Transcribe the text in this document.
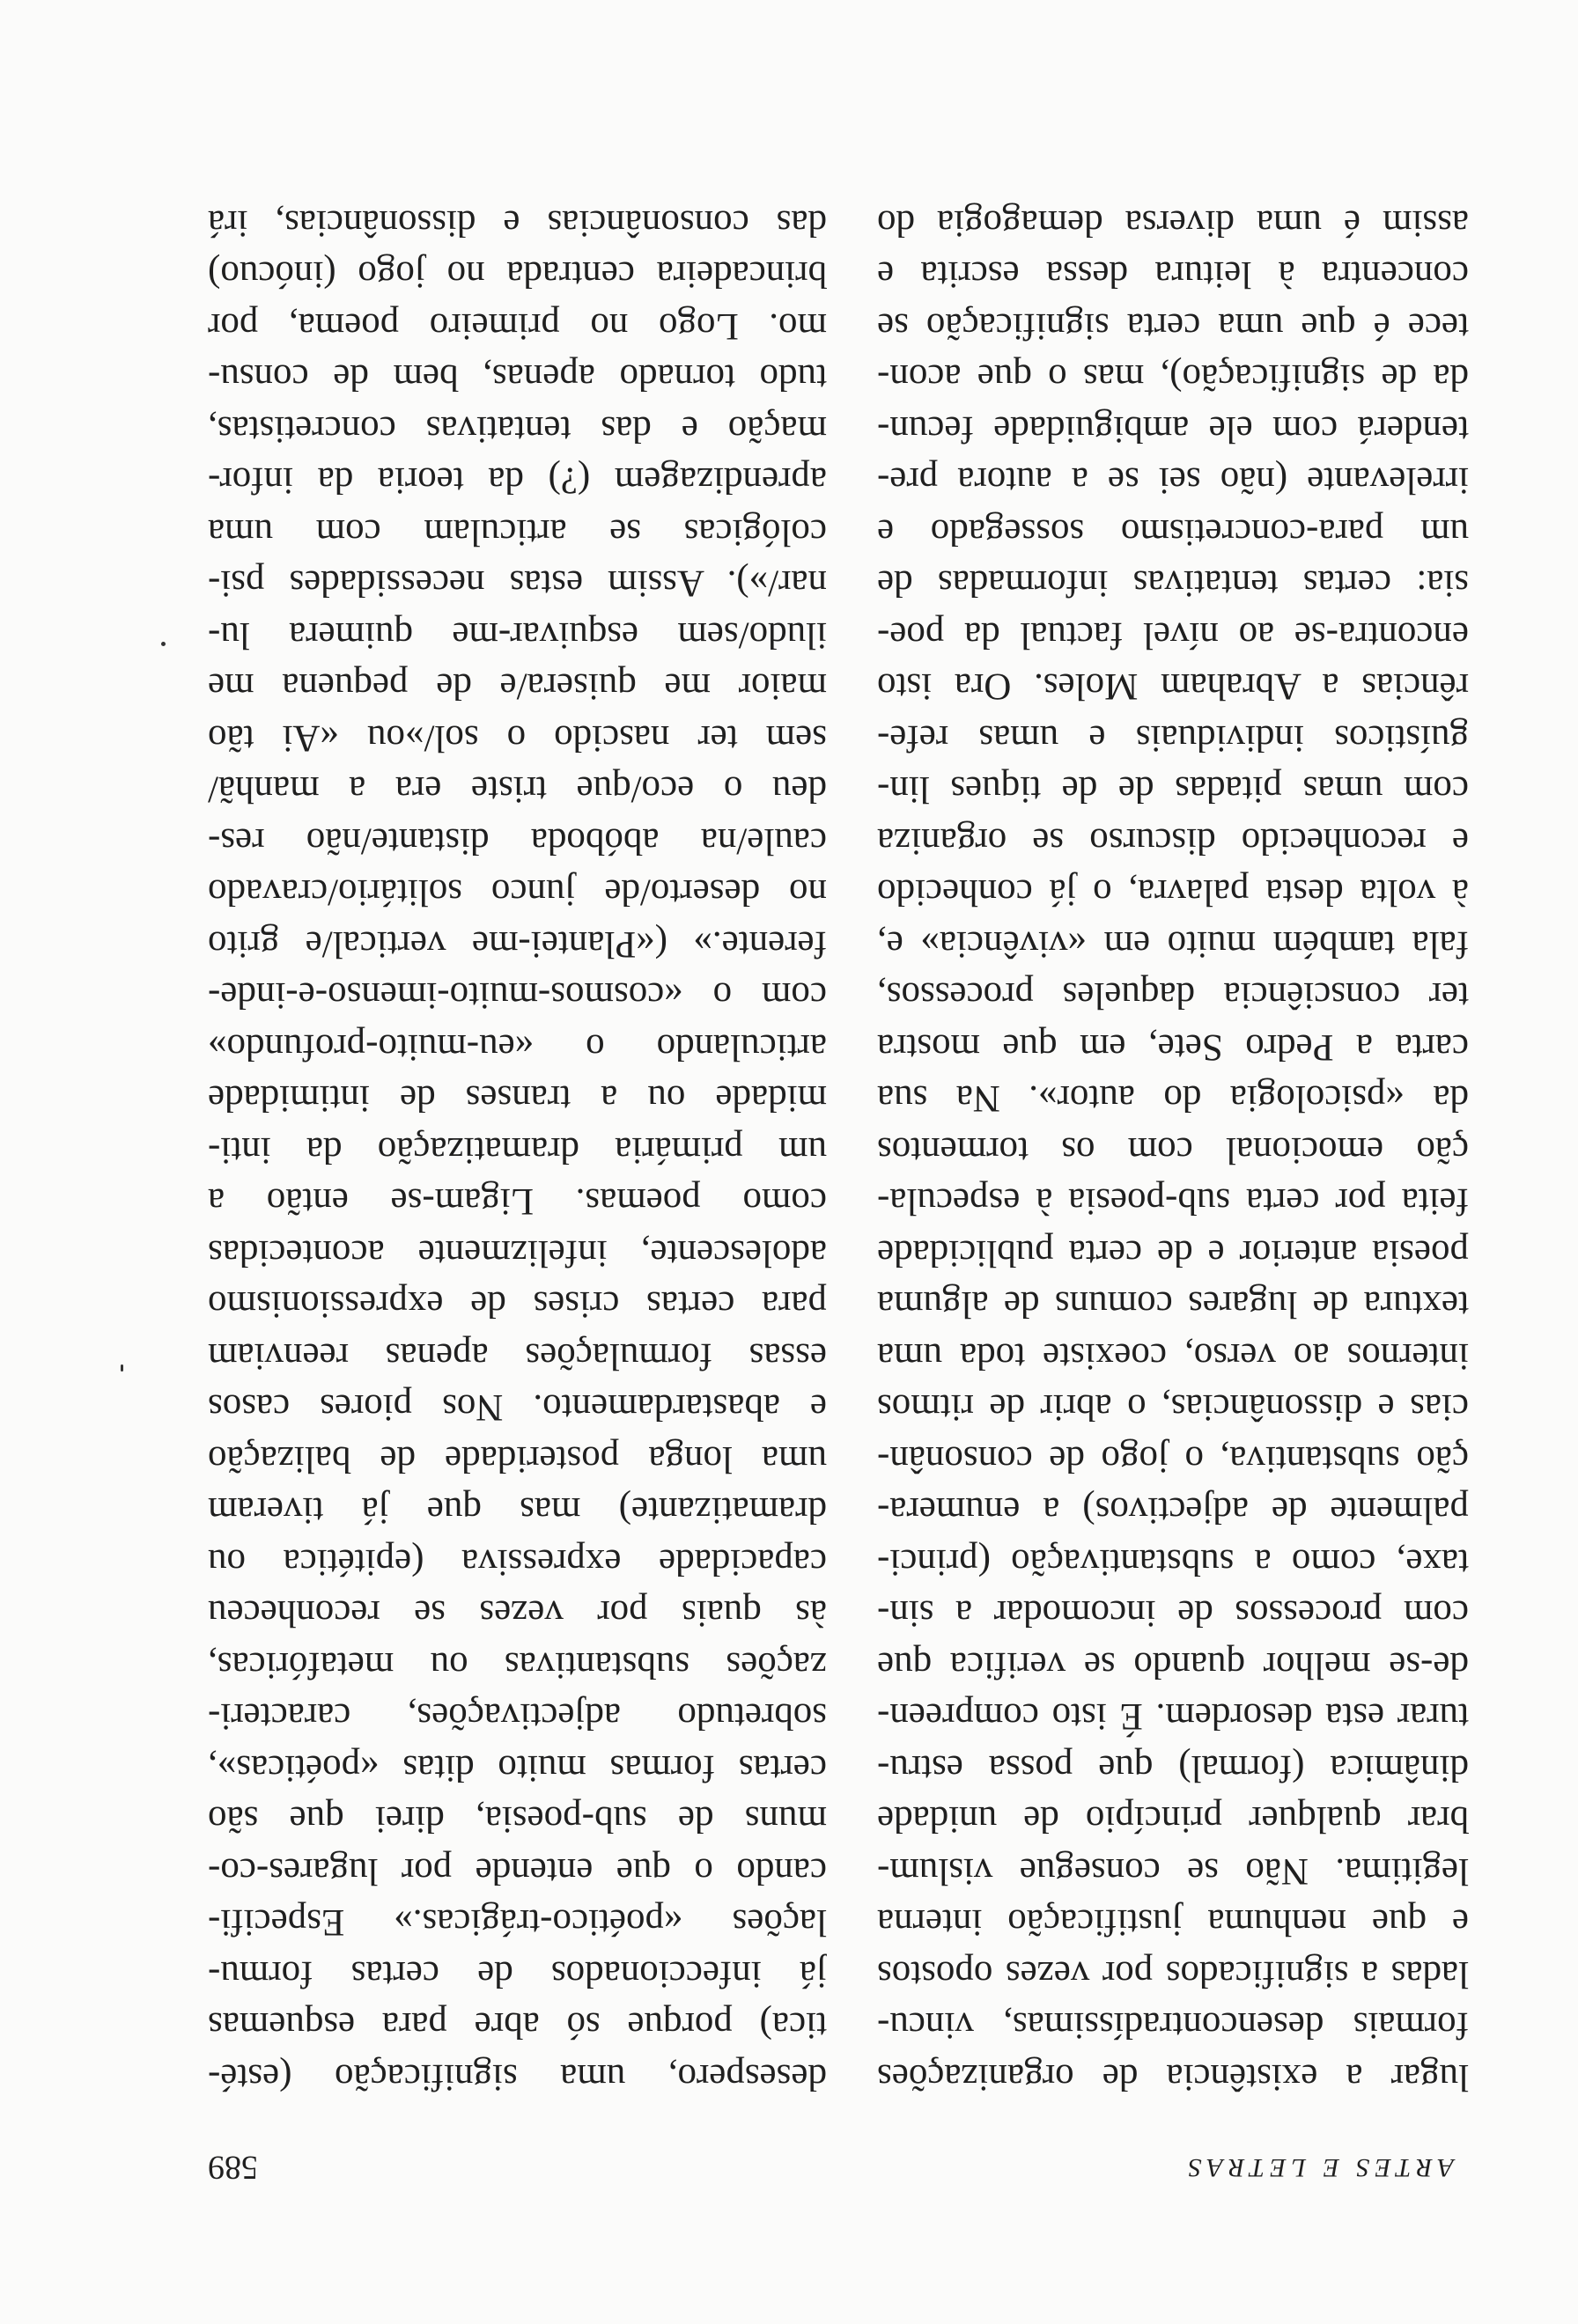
ARTES E LETRAS
589
lugar a existência de organizações
formais desencontradíssimas, vincu-
ladas a significados por vezes opostos
e que nenhuma justificação interna
legitima. Não se consegue vislum-
brar qualquer princípio de unidade
dinâmica (formal) que possa estru-
turar esta desordem. É isto compreen-
de-se melhor quando se verifica que
com processos de incomodar a sin-
taxe, como a substantivação (princi-
palmente de adjectivos) a enumera-
ção substantiva, o jogo de consonân-
cias e dissonâncias, o abrir de ritmos
internos ao verso, coexiste toda uma
textura de lugares comuns de alguma
poesia anterior e de certa publicidade
feita por certa sub-poesia à especula-
ção emocional com os tormentos
da «psicologia do autor». Na sua
carta a Pedro Sete, em que mostra
ter consciência daqueles processos,
fala também muito em «vivência» e,
à volta desta palavra, o já conhecido
e reconhecido discurso se organiza
com umas pitadas de de tiques lin-
guísticos individuais e umas refe-
rências a Abraham Moles. Ora isto
encontra-se ao nível factual da poe-
sia: certas tentativas informadas de
um para-concretismo sossegado e
irrelevante (não sei se a autora pre-
tenderá com ele ambiguidade fecun-
da de significação), mas o que acon-
tece é que uma certa significação se
concentra à leitura dessa escrita e
assim é uma diversa demagogia do
desespero, uma significação (esté-
tica) porque só abre para esquemas
já infeccionados de certas formu-
lações «poético-trágicas.» Especifi-
cando o que entende por lugares-co-
muns de sub-poesia, direi que são
certas formas muito ditas «poéticas»,
sobretudo adjectivações, caracteri-
zações substantivas ou metafóricas,
às quais por vezes se reconheceu
capacidade expressiva (epitética ou
dramatizante) mas que já tiveram
uma longa posteridade de balização
e abastardamento. Nos piores casos
essas formulações apenas reenviam
para certas crises de expressionismo
adolescente, infelizmente acontecidas
como poemas. Ligam-se então a
um primária dramatização da inti-
midade ou a transes de intimidade
articulando o «eu-muito-profundo»
com o «cosmos-muito-imenso-e-inde-
ferente.» («Plantei-me vertical/e grito
no deserto/de junco solitário/cravado
caule/na abóboda distante/não res-
deu o eco/que triste era a manhã/
sem ter nascido o sol/»ou «Ai tão
maior me quisera/e de pequena me
iludo/sem esquivar-me quimera lu-
nar/»). Assim estas necessidades psi-
cológicas se articulam com uma
aprendizagem (?) da teoria da infor-
mação e das tentativas concretistas,
tudo tornado apenas, bem de consu-
mo. Logo no primeiro poema, por
brincadeira centrada no jogo (inócuo)
das consonâncias e dissonâncias, irá
